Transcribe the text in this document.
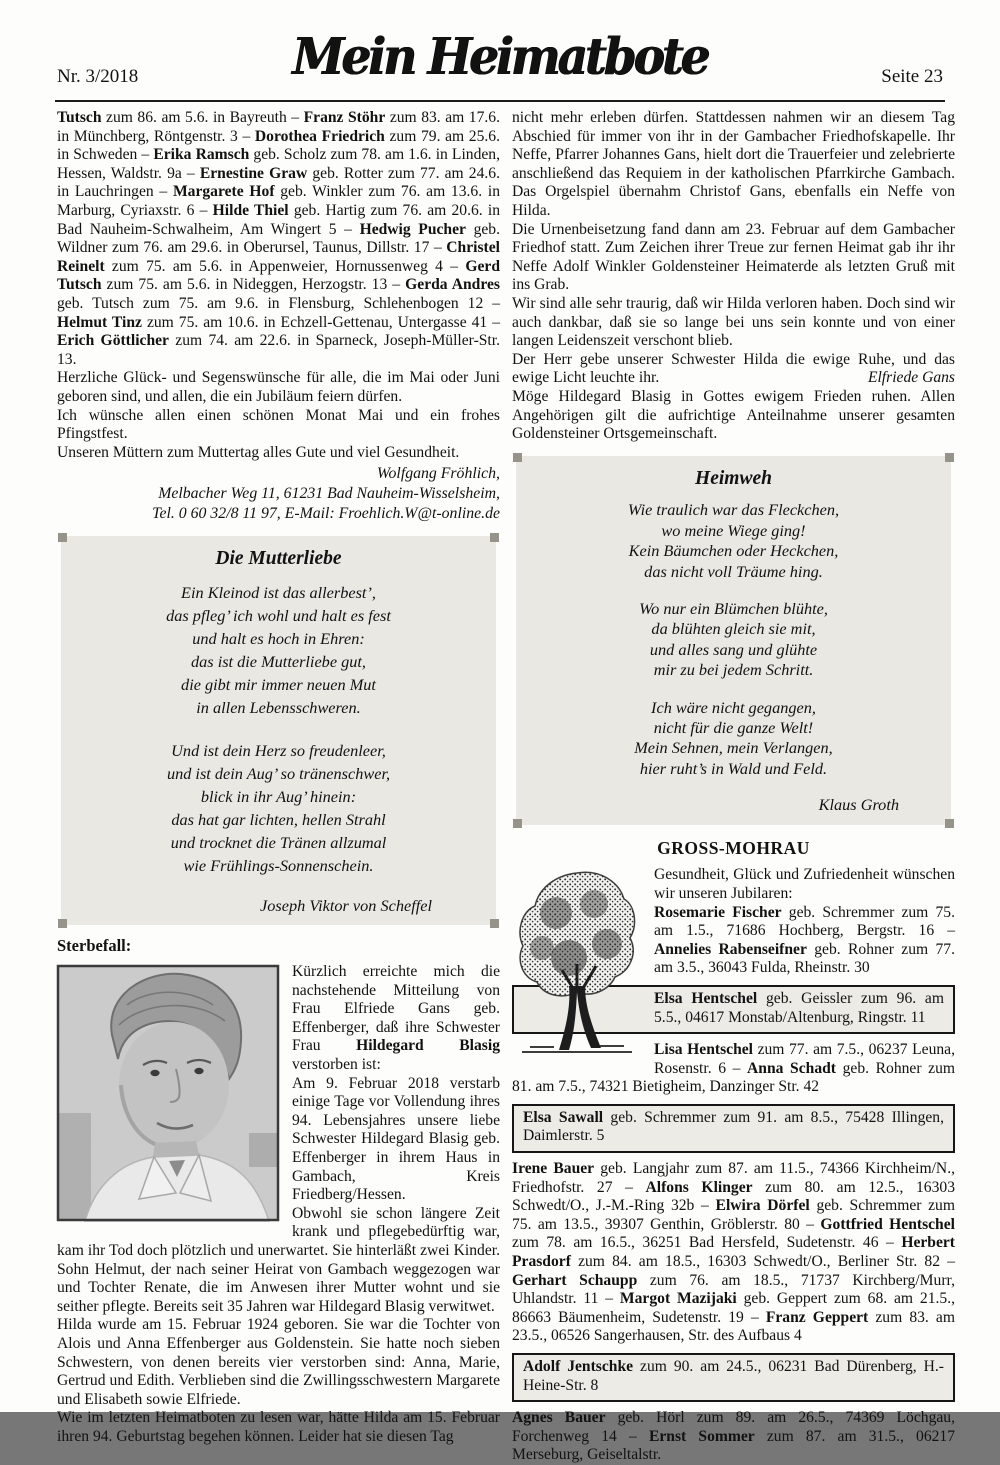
Nr. 3/2018	Mein Heimatbote	Seite 23

Tutsch zum 86. am 5.6. in Bayreuth – Franz Stöhr zum 83. am 17.6. in Münchberg, Röntgenstr. 3 – Dorothea Friedrich zum 79. am 25.6. in Schweden – Erika Ramsch geb. Scholz zum 78. am 1.6. in Linden, Hessen, Waldstr. 9a – Ernestine Graw geb. Rotter zum 77. am 24.6. in Lauchringen – Margarete Hof geb. Winkler zum 76. am 13.6. in Marburg, Cyriaxstr. 6 – Hilde Thiel geb. Hartig zum 76. am 20.6. in Bad Nauheim-Schwalheim, Am Wingert 5 – Hedwig Pucher geb. Wildner zum 76. am 29.6. in Oberursel, Taunus, Dillstr. 17 – Christel Reinelt zum 75. am 5.6. in Appenweier, Hornussenweg 4 – Gerd Tutsch zum 75. am 5.6. in Nideggen, Herzogstr. 13 – Gerda Andres geb. Tutsch zum 75. am 9.6. in Flensburg, Schlehenbogen 12 – Helmut Tinz zum 75. am 10.6. in Echzell-Gettenau, Untergasse 41 – Erich Göttlicher zum 74. am 22.6. in Sparneck, Joseph-Müller-Str. 13.

Herzliche Glück- und Segenswünsche für alle, die im Mai oder Juni geboren sind, und allen, die ein Jubiläum feiern dürfen.

Ich wünsche allen einen schönen Monat Mai und ein frohes Pfingstfest.

Unseren Müttern zum Muttertag alles Gute und viel Gesundheit.

Wolfgang Fröhlich,
Melbacher Weg 11, 61231 Bad Nauheim-Wisselsheim,
Tel. 0 60 32/8 11 97, E-Mail: Froehlich.W@t-online.de
Die Mutterliebe
Ein Kleinod ist das allerbest’,
das pfleg’ ich wohl und halt es fest
und halt es hoch in Ehren:
das ist die Mutterliebe gut,
die gibt mir immer neuen Mut
in allen Lebensschweren.
Und ist dein Herz so freudenleer,
und ist dein Aug’ so tränenschwer,
blick in ihr Aug’ hinein:
das hat gar lichten, hellen Strahl
und trocknet die Tränen allzumal
wie Frühlings-Sonnenschein.
Joseph Viktor von Scheffel
Sterbefall:

Kürzlich erreichte mich die nachstehende Mitteilung von Frau Elfriede Gans geb. Effenberger, daß ihre Schwester Frau Hildegard Blasig verstorben ist:

Am 9. Februar 2018 verstarb einige Tage vor Vollendung ihres 94. Lebensjahres unsere liebe Schwester Hildegard Blasig geb. Effenberger in ihrem Haus in Gambach, Kreis Friedberg/Hessen.

Obwohl sie schon längere Zeit krank und pflegebedürftig war, kam ihr Tod doch plötzlich und unerwartet. Sie hinterläßt zwei Kinder. Sohn Helmut, der nach seiner Heirat von Gambach weggezogen war und Tochter Renate, die im Anwesen ihrer Mutter wohnt und sie seither pflegte. Bereits seit 35 Jahren war Hildegard Blasig verwitwet.

Hilda wurde am 15. Februar 1924 geboren. Sie war die Tochter von Alois und Anna Effenberger aus Goldenstein. Sie hatte noch sieben Schwestern, von denen bereits vier verstorben sind: Anna, Marie, Gertrud und Edith. Verblieben sind die Zwillingsschwestern Margarete und Elisabeth sowie Elfriede.

Wie im letzten Heimatboten zu lesen war, hätte Hilda am 15. Februar ihren 94. Geburtstag begehen können. Leider hat sie diesen Tag

nicht mehr erleben dürfen. Stattdessen nahmen wir an diesem Tag Abschied für immer von ihr in der Gambacher Friedhofskapelle. Ihr Neffe, Pfarrer Johannes Gans, hielt dort die Trauerfeier und zelebrierte anschließend das Requiem in der katholischen Pfarrkirche Gambach. Das Orgelspiel übernahm Christof Gans, ebenfalls ein Neffe von Hilda.

Die Urnenbeisetzung fand dann am 23. Februar auf dem Gambacher Friedhof statt. Zum Zeichen ihrer Treue zur fernen Heimat gab ihr ihr Neffe Adolf Winkler Goldensteiner Heimaterde als letzten Gruß mit ins Grab.

Wir sind alle sehr traurig, daß wir Hilda verloren haben. Doch sind wir auch dankbar, daß sie so lange bei uns sein konnte und von einer langen Leidenszeit verschont blieb.

Der Herr gebe unserer Schwester Hilda die ewige Ruhe, und das ewige Licht leuchte ihr.	Elfriede Gans

Möge Hildegard Blasig in Gottes ewigem Frieden ruhen. Allen Angehörigen gilt die aufrichtige Anteilnahme unserer gesamten Goldensteiner Ortsgemeinschaft.

Heimweh
Wie traulich war das Fleckchen,
wo meine Wiege ging!
Kein Bäumchen oder Heckchen,
das nicht voll Träume hing.
Wo nur ein Blümchen blühte,
da blühten gleich sie mit,
und alles sang und glühte
mir zu bei jedem Schritt.
Ich wäre nicht gegangen,
nicht für die ganze Welt!
Mein Sehnen, mein Verlangen,
hier ruht’s in Wald und Feld.
Klaus Groth
GROSS-MOHRAU

Gesundheit, Glück und Zufriedenheit wünschen wir unseren Jubilaren:

Rosemarie Fischer geb. Schremmer zum 75. am 1.5., 71686 Hochberg, Bergstr. 16 – Annelies Rabenseifner geb. Rohner zum 77. am 3.5., 36043 Fulda, Rheinstr. 30

Elsa Hentschel geb. Geissler zum 96. am 5.5., 04617 Monstab/Altenburg, Ringstr. 11

Lisa Hentschel zum 77. am 7.5., 06237 Leuna, Rosenstr. 6 – Anna Schadt geb. Rohner zum 81. am 7.5., 74321 Bietigheim, Danzinger Str. 42

Elsa Sawall geb. Schremmer zum 91. am 8.5., 75428 Illingen, Daimlerstr. 5

Irene Bauer geb. Langjahr zum 87. am 11.5., 74366 Kirchheim/N., Friedhofstr. 27 – Alfons Klinger zum 80. am 12.5., 16303 Schwedt/O., J.-M.-Ring 32b – Elwira Dörfel geb. Schremmer zum 75. am 13.5., 39307 Genthin, Gröblerstr. 80 – Gottfried Hentschel zum 78. am 16.5., 36251 Bad Hersfeld, Sudetenstr. 46 – Herbert Prasdorf zum 84. am 18.5., 16303 Schwedt/O., Berliner Str. 82 – Gerhart Schaupp zum 76. am 18.5., 71737 Kirchberg/Murr, Uhlandstr. 11 – Margot Mazijaki geb. Geppert zum 68. am 21.5., 86663 Bäumenheim, Sudetenstr. 19 – Franz Geppert zum 83. am 23.5., 06526 Sangerhausen, Str. des Aufbaus 4

Adolf Jentschke zum 90. am 24.5., 06231 Bad Dürenberg, H.-Heine-Str. 8

Agnes Bauer geb. Hörl zum 89. am 26.5., 74369 Löchgau, Forchenweg 14 – Ernst Sommer zum 87. am 31.5., 06217 Merseburg, Geiseltalstr.
